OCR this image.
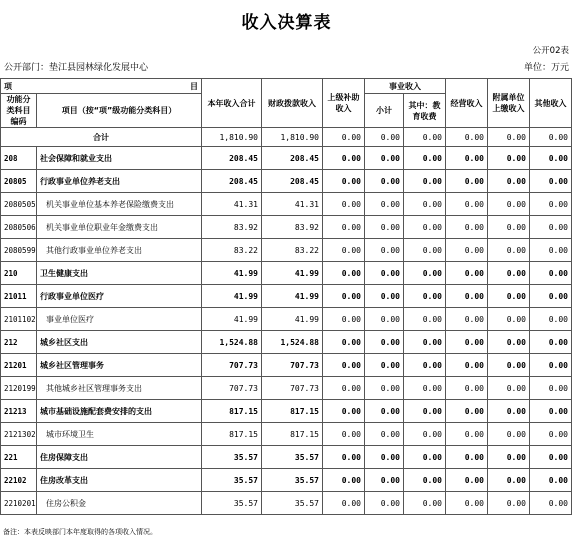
收入决算表
公开02表
公开部门：垫江县园林绿化发展中心	单位：万元
项 目		本年收入合计	财政拨款收入	上级补助收入	事业收入		经营收入	附属单位上缴收入	其他收入
功能分类科目编码	项目（按“项”级功能分类科目）				小计	其中：教育收费			
合计		1,810.90	1,810.90	0.00	0.00	0.00	0.00	0.00	0.00
208	社会保障和就业支出	208.45	208.45	0.00	0.00	0.00	0.00	0.00	0.00
20805	行政事业单位养老支出	208.45	208.45	0.00	0.00	0.00	0.00	0.00	0.00
2080505	机关事业单位基本养老保险缴费支出	41.31	41.31	0.00	0.00	0.00	0.00	0.00	0.00
2080506	机关事业单位职业年金缴费支出	83.92	83.92	0.00	0.00	0.00	0.00	0.00	0.00
2080599	其他行政事业单位养老支出	83.22	83.22	0.00	0.00	0.00	0.00	0.00	0.00
210	卫生健康支出	41.99	41.99	0.00	0.00	0.00	0.00	0.00	0.00
21011	行政事业单位医疗	41.99	41.99	0.00	0.00	0.00	0.00	0.00	0.00
2101102	事业单位医疗	41.99	41.99	0.00	0.00	0.00	0.00	0.00	0.00
212	城乡社区支出	1,524.88	1,524.88	0.00	0.00	0.00	0.00	0.00	0.00
21201	城乡社区管理事务	707.73	707.73	0.00	0.00	0.00	0.00	0.00	0.00
2120199	其他城乡社区管理事务支出	707.73	707.73	0.00	0.00	0.00	0.00	0.00	0.00
21213	城市基础设施配套费安排的支出	817.15	817.15	0.00	0.00	0.00	0.00	0.00	0.00
2121302	城市环境卫生	817.15	817.15	0.00	0.00	0.00	0.00	0.00	0.00
221	住房保障支出	35.57	35.57	0.00	0.00	0.00	0.00	0.00	0.00
22102	住房改革支出	35.57	35.57	0.00	0.00	0.00	0.00	0.00	0.00
2210201	住房公积金	35.57	35.57	0.00	0.00	0.00	0.00	0.00	0.00
备注：本表反映部门本年度取得的各项收入情况。
